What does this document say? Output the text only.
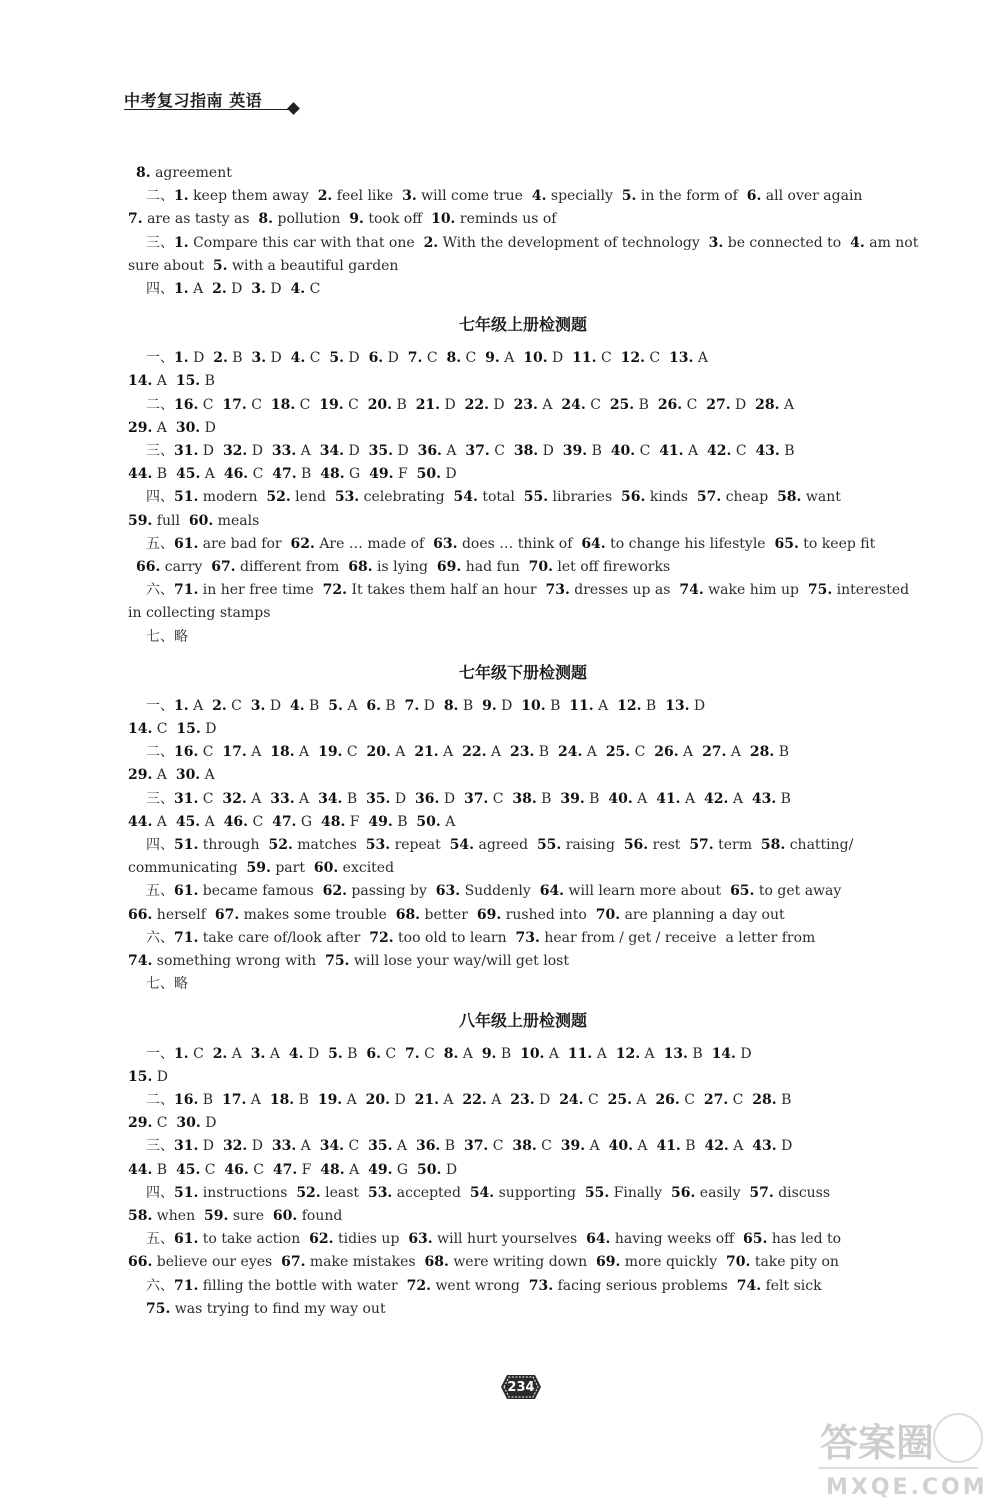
中考复习指南 英语
8. agreement
二、1. keep them away  2. feel like  3. will come true  4. specially  5. in the form of  6. all over again
7. are as tasty as  8. pollution  9. took off  10. reminds us of
三、1. Compare this car with that one  2. With the development of technology  3. be connected to  4. am not
sure about  5. with a beautiful garden
四、1. A  2. D  3. D  4. C
七年级上册检测题
一、1. D  2. B  3. D  4. C  5. D  6. D  7. C  8. C  9. A  10. D  11. C  12. C  13. A
14. A  15. B
二、16. C  17. C  18. C  19. C  20. B  21. D  22. D  23. A  24. C  25. B  26. C  27. D  28. A
29. A  30. D
三、31. D  32. D  33. A  34. D  35. D  36. A  37. C  38. D  39. B  40. C  41. A  42. C  43. B
44. B  45. A  46. C  47. B  48. G  49. F  50. D
四、51. modern  52. lend  53. celebrating  54. total  55. libraries  56. kinds  57. cheap  58. want
59. full  60. meals
五、61. are bad for  62. Are … made of  63. does … think of  64. to change his lifestyle  65. to keep fit
66. carry  67. different from  68. is lying  69. had fun  70. let off fireworks
六、71. in her free time  72. It takes them half an hour  73. dresses up as  74. wake him up  75. interested
in collecting stamps
七、略
七年级下册检测题
一、1. A  2. C  3. D  4. B  5. A  6. B  7. D  8. B  9. D  10. B  11. A  12. B  13. D
14. C  15. D
二、16. C  17. A  18. A  19. C  20. A  21. A  22. A  23. B  24. A  25. C  26. A  27. A  28. B
29. A  30. A
三、31. C  32. A  33. A  34. B  35. D  36. D  37. C  38. B  39. B  40. A  41. A  42. A  43. B
44. A  45. A  46. C  47. G  48. F  49. B  50. A
四、51. through  52. matches  53. repeat  54. agreed  55. raising  56. rest  57. term  58. chatting/
communicating  59. part  60. excited
五、61. became famous  62. passing by  63. Suddenly  64. will learn more about  65. to get away
66. herself  67. makes some trouble  68. better  69. rushed into  70. are planning a day out
六、71. take care of/look after  72. too old to learn  73. hear from / get / receive  a letter from
74. something wrong with  75. will lose your way/will get lost
七、略
八年级上册检测题
一、1. C  2. A  3. A  4. D  5. B  6. C  7. C  8. A  9. B  10. A  11. A  12. A  13. B  14. D
15. D
二、16. B  17. A  18. B  19. A  20. D  21. A  22. A  23. D  24. C  25. A  26. C  27. C  28. B
29. C  30. D
三、31. D  32. D  33. A  34. C  35. A  36. B  37. C  38. C  39. A  40. A  41. B  42. A  43. D
44. B  45. C  46. C  47. F  48. A  49. G  50. D
四、51. instructions  52. least  53. accepted  54. supporting  55. Finally  56. easily  57. discuss
58. when  59. sure  60. found
五、61. to take action  62. tidies up  63. will hurt yourselves  64. having weeks off  65. has led to
66. believe our eyes  67. make mistakes  68. were writing down  69. more quickly  70. take pity on
六、71. filling the bottle with water  72. went wrong  73. facing serious problems  74. felt sick
75. was trying to find my way out
234
答案圈
MXQE.COM
